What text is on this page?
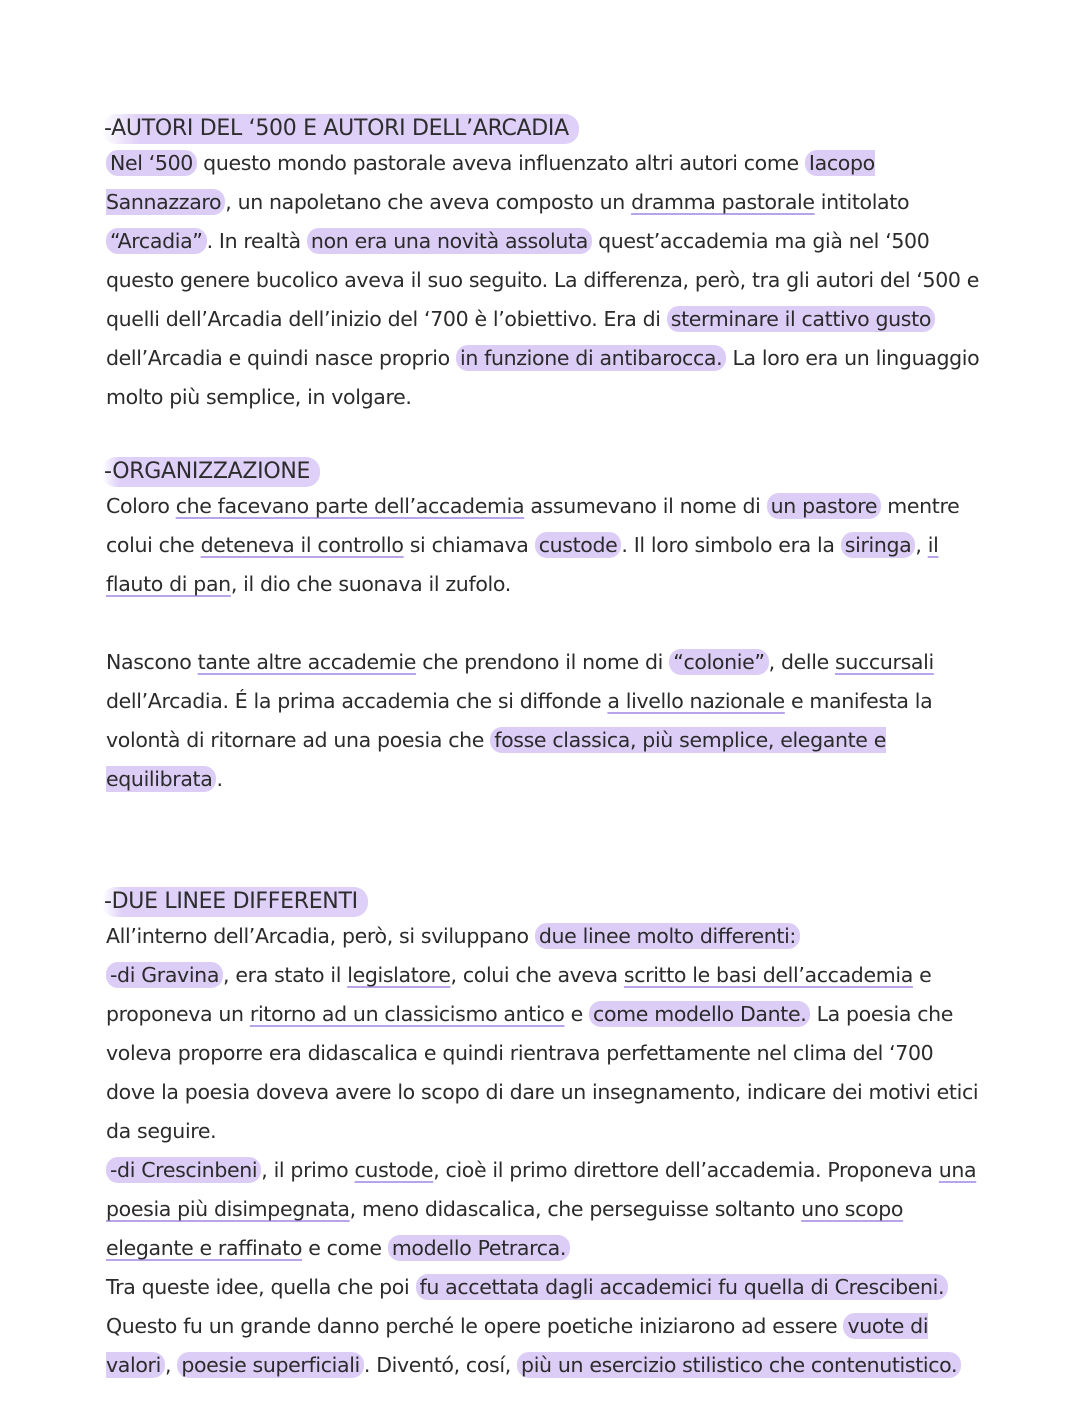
-AUTORI DEL ‘500 E AUTORI DELL’ARCADIA

Nel ‘500 questo mondo pastorale aveva influenzato altri autori come Iacopo Sannazzaro , un napoletano che aveva composto un dramma pastorale intitolato “Arcadia” . In realtà non era una novità assoluta quest’accademia ma già nel ‘500 questo genere bucolico aveva il suo seguito. La differenza, però, tra gli autori del ‘500 e quelli dell’Arcadia dell’inizio del ‘700 è l’obiettivo. Era di sterminare il cattivo gusto dell’Arcadia e quindi nasce proprio in funzione di antibarocca. La loro era un linguaggio molto più semplice, in volgare.

-ORGANIZZAZIONE

Coloro che facevano parte dell’accademia assumevano il nome di un pastore mentre colui che deteneva il controllo si chiamava custode . Il loro simbolo era la siringa , il flauto di pan, il dio che suonava il zufolo.

Nascono tante altre accademie che prendono il nome di “colonie” , delle succursali dell’Arcadia. É la prima accademia che si diffonde a livello nazionale e manifesta la volontà di ritornare ad una poesia che fosse classica, più semplice, elegante e equilibrata .

-DUE LINEE DIFFERENTI

All’interno dell’Arcadia, però, si sviluppano due linee molto differenti:

-di Gravina , era stato il legislatore, colui che aveva scritto le basi dell’accademia e proponeva un ritorno ad un classicismo antico e come modello Dante. La poesia che voleva proporre era didascalica e quindi rientrava perfettamente nel clima del ‘700 dove la poesia doveva avere lo scopo di dare un insegnamento, indicare dei motivi etici da seguire.

-di Crescinbeni , il primo custode, cioè il primo direttore dell’accademia. Proponeva una poesia più disimpegnata, meno didascalica, che perseguisse soltanto uno scopo elegante e raffinato e come modello Petrarca.

Tra queste idee, quella che poi fu accettata dagli accademici fu quella di Crescibeni.

Questo fu un grande danno perché le opere poetiche iniziarono ad essere vuote di valori , poesie superficiali . Diventó, cosí, più un esercizio stilistico che contenutistico.
